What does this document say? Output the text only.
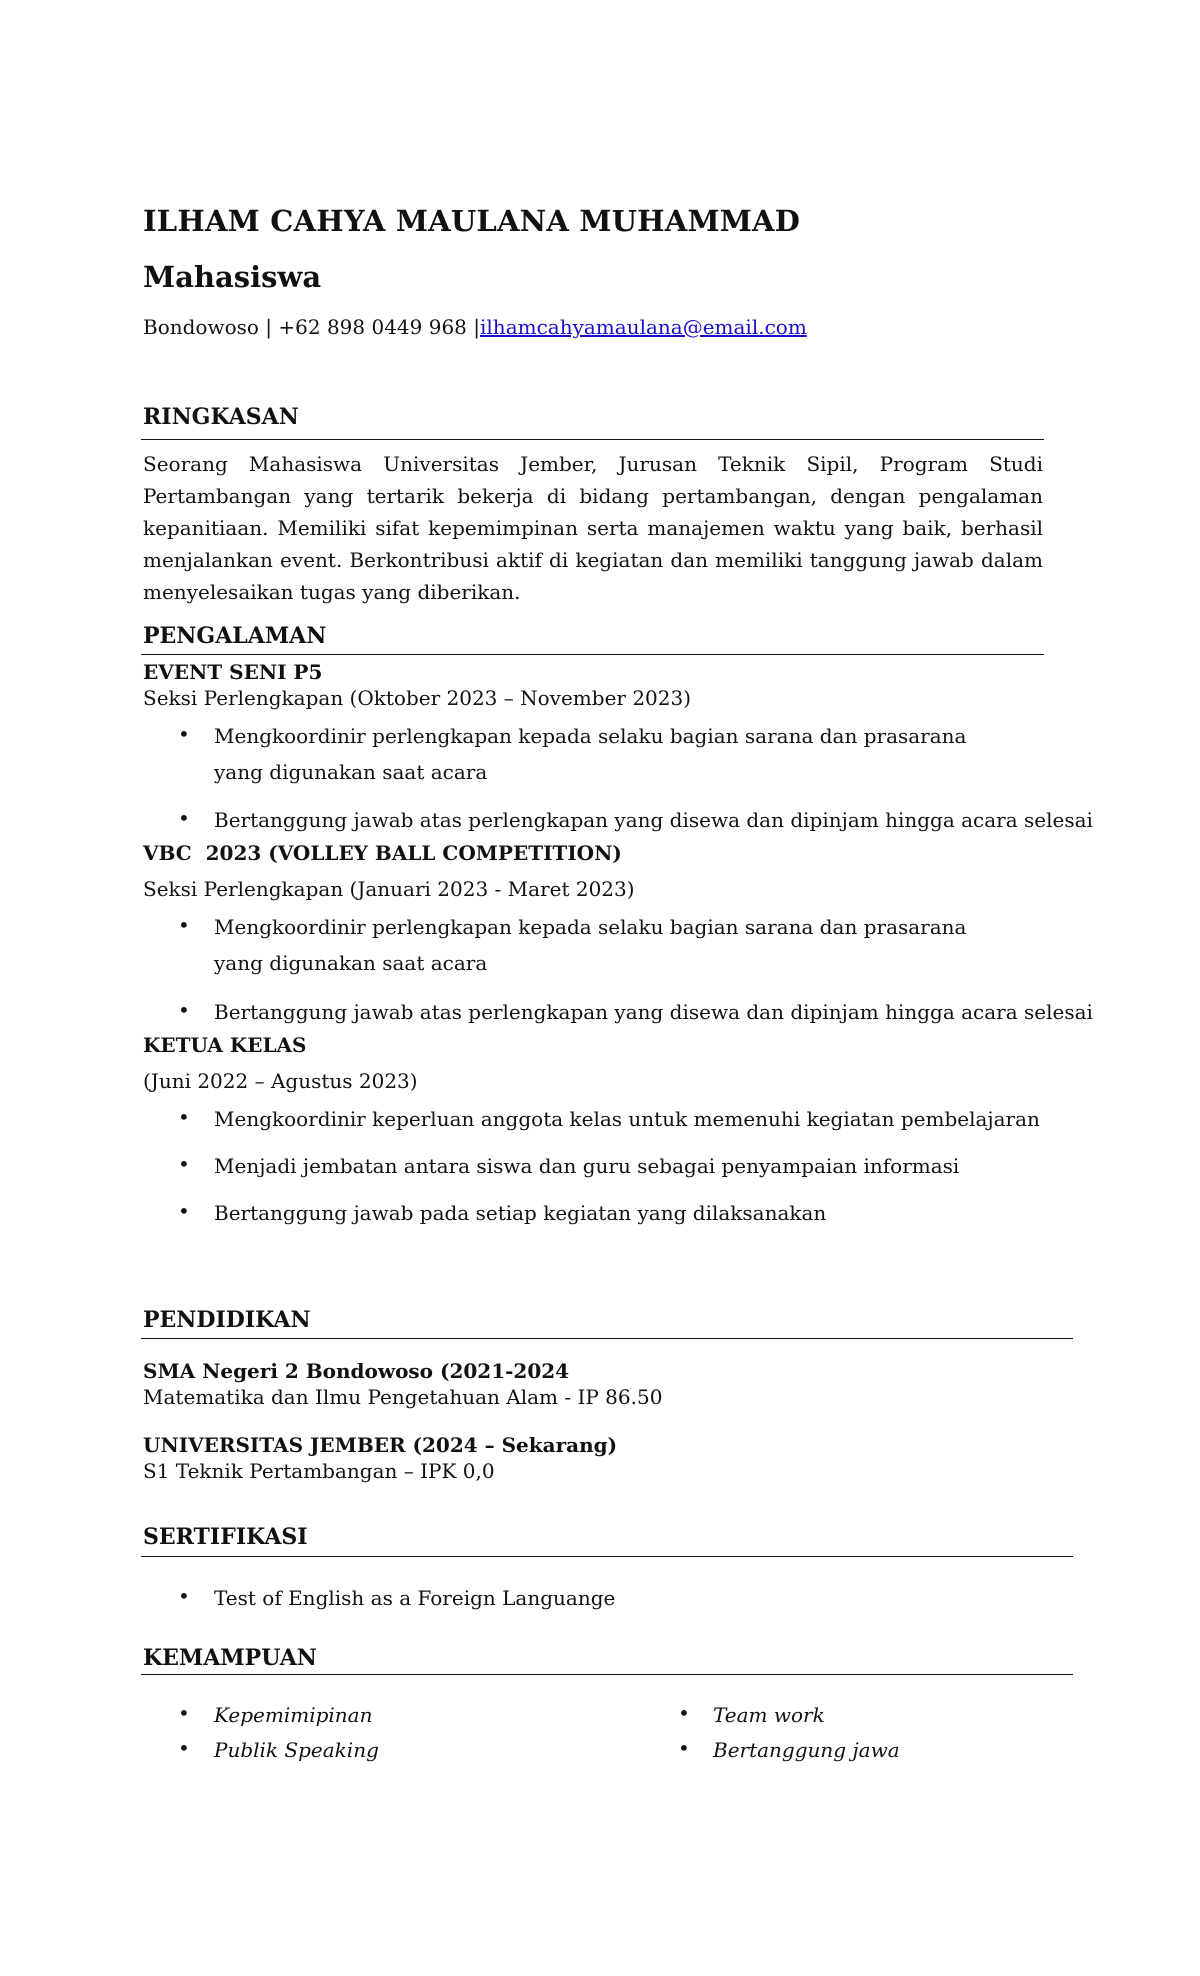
ILHAM CAHYA MAULANA MUHAMMAD
Mahasiswa
Bondowoso | +62 898 0449 968 |ilhamcahyamaulana@email.com
RINGKASAN

Seorang Mahasiswa Universitas Jember, Jurusan Teknik Sipil, Program Studi Pertambangan yang tertarik bekerja di bidang pertambangan, dengan pengalaman kepanitiaan. Memiliki sifat kepemimpinan serta manajemen waktu yang baik, berhasil menjalankan event. Berkontribusi aktif di kegiatan dan memiliki tanggung jawab dalam menyelesaikan tugas yang diberikan.

PENGALAMAN
EVENT SENI P5
Seksi Perlengkapan (Oktober 2023 – November 2023)
• Mengkoordinir perlengkapan kepada selaku bagian sarana dan prasarana yang digunakan saat acara
• Bertanggung jawab atas perlengkapan yang disewa dan dipinjam hingga acara selesai
VBC  2023 (VOLLEY BALL COMPETITION)
Seksi Perlengkapan (Januari 2023 - Maret 2023)
• Mengkoordinir perlengkapan kepada selaku bagian sarana dan prasarana yang digunakan saat acara
• Bertanggung jawab atas perlengkapan yang disewa dan dipinjam hingga acara selesai
KETUA KELAS
(Juni 2022 – Agustus 2023)
• Mengkoordinir keperluan anggota kelas untuk memenuhi kegiatan pembelajaran
• Menjadi jembatan antara siswa dan guru sebagai penyampaian informasi
• Bertanggung jawab pada setiap kegiatan yang dilaksanakan
PENDIDIKAN
SMA Negeri 2 Bondowoso (2021-2024
Matematika dan Ilmu Pengetahuan Alam - IP 86.50
UNIVERSITAS JEMBER (2024 – Sekarang)
S1 Teknik Pertambangan – IPK 0,0
SERTIFIKASI
• Test of English as a Foreign Languange
KEMAMPUAN
• Kepemimipinan	• Team work
• Publik Speaking	• Bertanggung jawa
